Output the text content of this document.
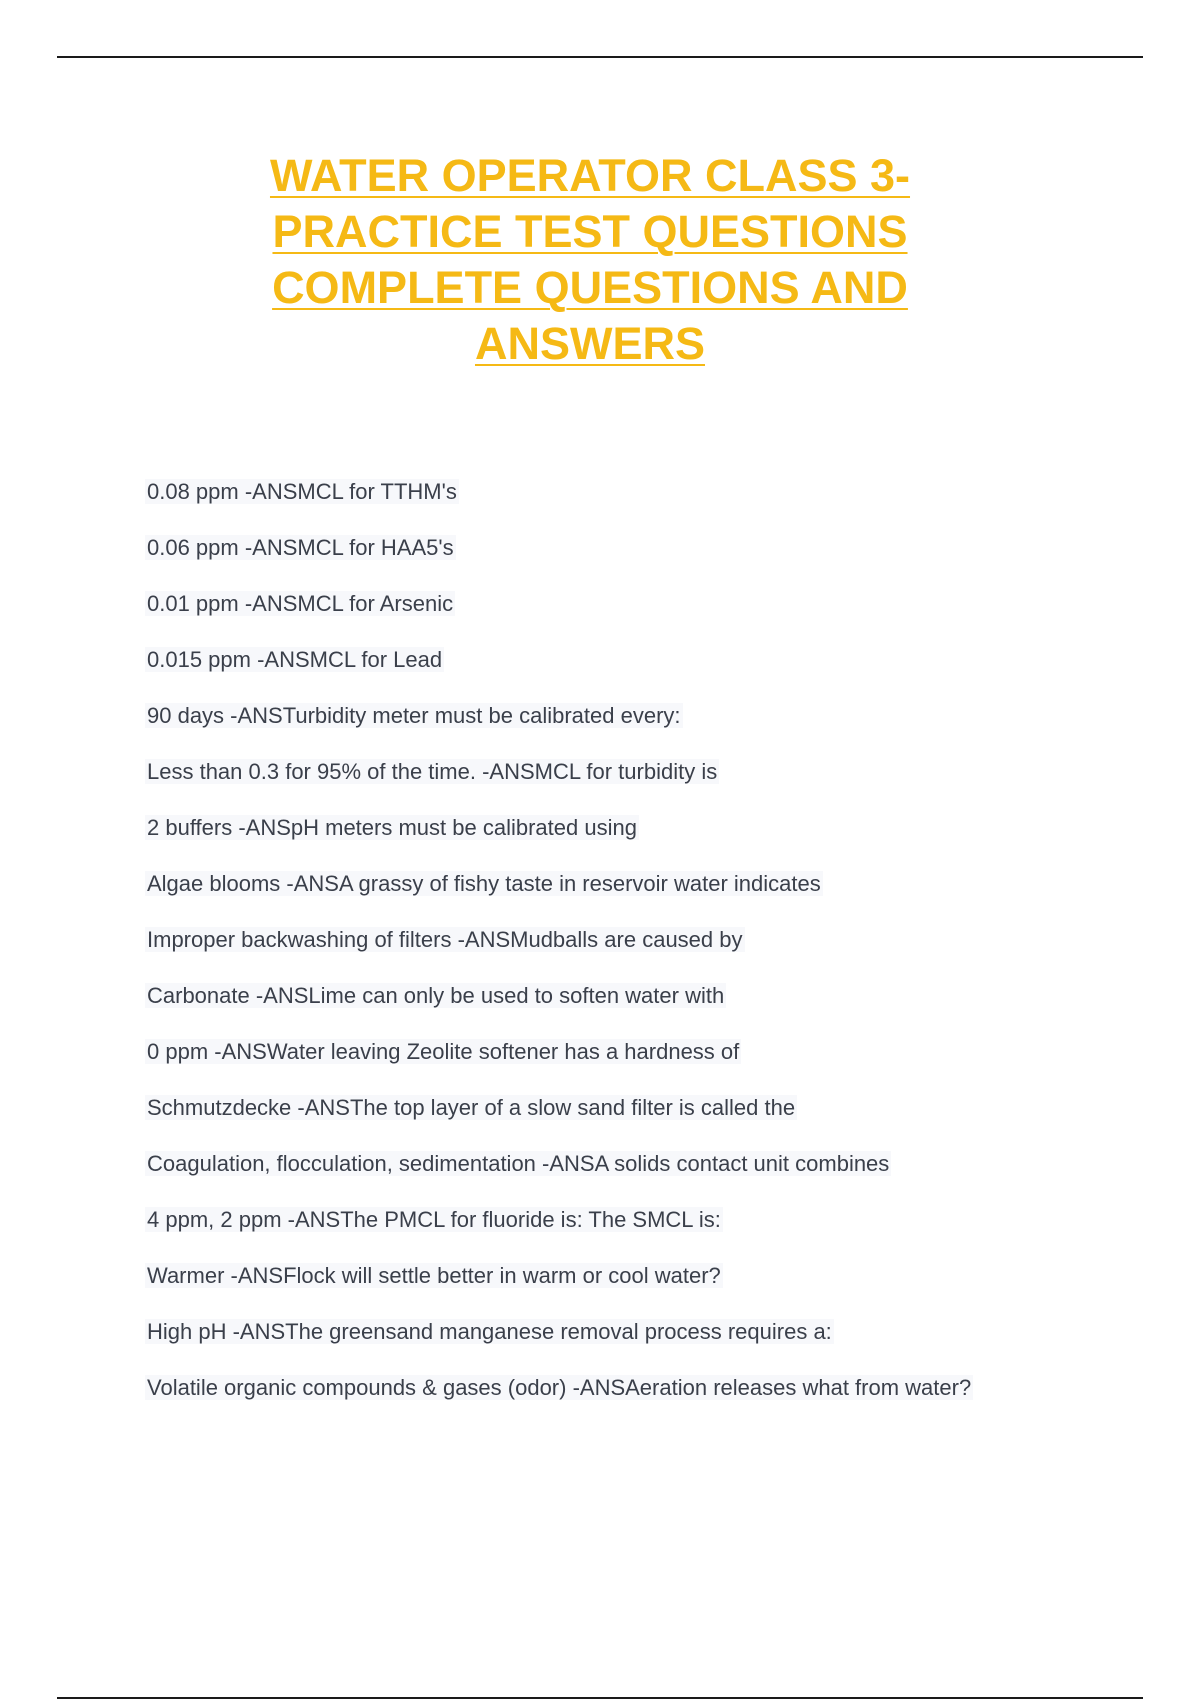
WATER OPERATOR CLASS 3- PRACTICE TEST QUESTIONS COMPLETE QUESTIONS AND ANSWERS
0.08 ppm -ANSMCL for TTHM's
0.06 ppm -ANSMCL for HAA5's
0.01 ppm -ANSMCL for Arsenic
0.015 ppm -ANSMCL for Lead
90 days -ANSTurbidity meter must be calibrated every:
Less than 0.3 for 95% of the time. -ANSMCL for turbidity is
2 buffers -ANSpH meters must be calibrated using
Algae blooms -ANSA grassy of fishy taste in reservoir water indicates
Improper backwashing of filters -ANSMudballs are caused by
Carbonate -ANSLime can only be used to soften water with
0 ppm -ANSWater leaving Zeolite softener has a hardness of
Schmutzdecke -ANSThe top layer of a slow sand filter is called the
Coagulation, flocculation, sedimentation -ANSA solids contact unit combines
4 ppm, 2 ppm -ANSThe PMCL for fluoride is: The SMCL is:
Warmer -ANSFlock will settle better in warm or cool water?
High pH -ANSThe greensand manganese removal process requires a:
Volatile organic compounds & gases (odor) -ANSAeration releases what from water?
